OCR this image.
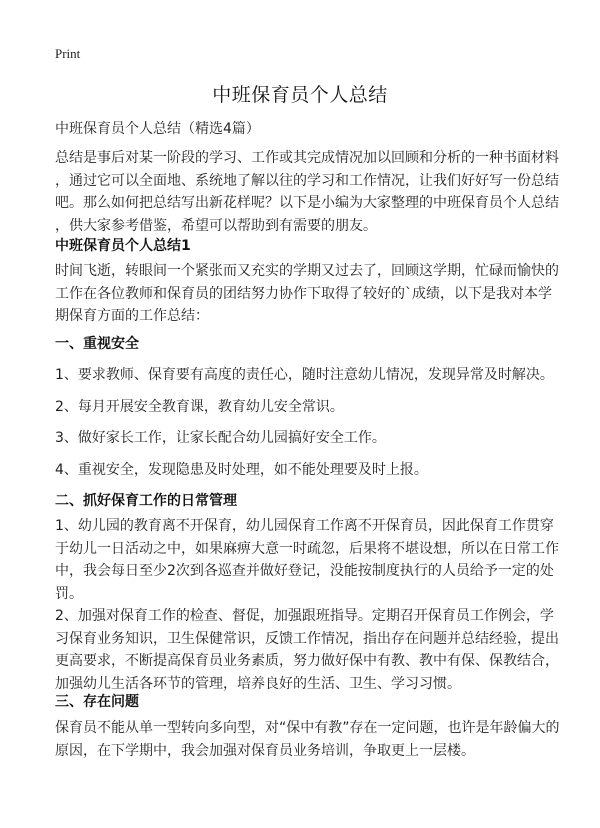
Print
中班保育员个人总结
中班保育员个人总结（精选4篇）
总结是事后对某一阶段的学习、工作或其完成情况加以回顾和分析的一种书面材料
，通过它可以全面地、系统地了解以往的学习和工作情况，让我们好好写一份总结
吧。那么如何把总结写出新花样呢？以下是小编为大家整理的中班保育员个人总结
，供大家参考借鉴，希望可以帮助到有需要的朋友。
中班保育员个人总结1
时间飞逝，转眼间一个紧张而又充实的学期又过去了，回顾这学期，忙碌而愉快的
工作在各位教师和保育员的团结努力协作下取得了较好的`成绩，以下是我对本学
期保育方面的工作总结：
一、重视安全
1、要求教师、保育要有高度的责任心，随时注意幼儿情况，发现异常及时解决。
2、每月开展安全教育课，教育幼儿安全常识。
3、做好家长工作，让家长配合幼儿园搞好安全工作。
4、重视安全，发现隐患及时处理，如不能处理要及时上报。
二、抓好保育工作的日常管理
1、幼儿园的教育离不开保育，幼儿园保育工作离不开保育员，因此保育工作贯穿
于幼儿一日活动之中，如果麻痹大意一时疏忽，后果将不堪设想，所以在日常工作
中，我会每日至少2次到各巡查并做好登记，没能按制度执行的人员给予一定的处
罚。
2、加强对保育工作的检查、督促，加强跟班指导。定期召开保育员工作例会，学
习保育业务知识，卫生保健常识，反馈工作情况，指出存在问题并总结经验，提出
更高要求，不断提高保育员业务素质，努力做好保中有教、教中有保、保教结合，
加强幼儿生活各环节的管理，培养良好的生活、卫生、学习习惯。
三、存在问题
保育员不能从单一型转向多向型，对“保中有教”存在一定问题，也许是年龄偏大的
原因，在下学期中，我会加强对保育员业务培训，争取更上一层楼。
